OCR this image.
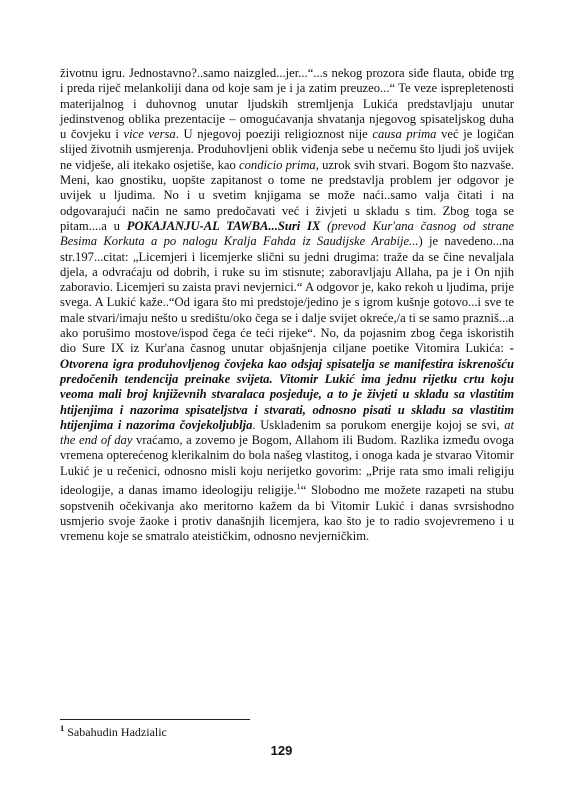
životnu igru. Jednostavno?..samo naizgled...jer...“...s nekog prozora siđe flauta, obiđe trg i preda riječ melankoliji dana od koje sam je i ja zatim preuzeo...“ Te veze isprepletenosti materijalnog i duhovnog unutar ljudskih stremljenja Lukića predstavljaju unutar jedinstvenog oblika prezentacije – omogućavanja shvatanja njegovog spisateljskog duha u čovjeku i vice versa. U njegovoj poeziji religioznost nije causa prima već je logičan slijed životnih usmjerenja. Produhovljeni oblik viđenja sebe u nečemu što ljudi još uvijek ne vidješe, ali itekako osjetiše, kao condicio prima, uzrok svih stvari. Bogom što nazvaše. Meni, kao gnostiku, uopšte zapitanost o tome ne predstavlja problem jer odgovor je uvijek u ljudima. No i u svetim knjigama se može naći..samo valja čitati i na odgovarajući način ne samo predočavati već i živjeti u skladu s tim. Zbog toga se pitam....a u POKAJANJU-AL TAWBA...Suri IX (prevod Kur'ana časnog od strane Besima Korkuta a po nalogu Kralja Fahda iz Saudijske Arabije...) je navedeno...na str.197...citat: „Licemjeri i licemjerke slični su jedni drugima: traže da se čine nevaljala djela, a odvraćaju od dobrih, i ruke su im stisnute; zaboravljaju Allaha, pa je i On njih zaboravio. Licemjeri su zaista pravi nevjernici.“ A odgovor je, kako rekoh u ljudima, prije svega. A Lukić kaže..“Od igara što mi predstoje/jedino je s igrom kušnje gotovo...i sve te male stvari/imaju nešto u središtu/oko čega se i dalje svijet okreće,/a ti se samo prazniš...a ako porušimo mostove/ispod čega će teći rijeke“. No, da pojasnim zbog čega iskoristih dio Sure IX iz Kur'ana časnog unutar objašnjenja ciljane poetike Vitomira Lukića: - Otvorena igra produhovljenog čovjeka kao odsjaj spisatelja se manifestira iskrenošću predočenih tendencija preinake svijeta. Vitomir Lukić ima jednu rijetku crtu koju veoma mali broj književnih stvaralaca posjeduje, a to je živjeti u skladu sa vlastitim htijenjima i nazorima spisateljstva i stvarati, odnosno pisati u skladu sa vlastitim htijenjima i nazorima čovjekoljublja. Usklađenim sa porukom energije kojoj se svi, at the end of day vraćamo, a zovemo je Bogom, Allahom ili Budom. Razlika između ovoga vremena opterećenog klerikalnim do bola našeg vlastitog, i onoga kada je stvarao Vitomir Lukić je u rečenici, odnosno misli koju nerijetko govorim: „Prije rata smo imali religiju ideologije, a danas imamo ideologiju religije.$^1$“ Slobodno me možete razapeti na stubu sopstvenih očekivanja ako meritorno kažem da bi Vitomir Lukić i danas svrsishodno usmjerio svoje žaoke i protiv današnjih licemjera, kao što je to radio svojevremeno i u vremenu koje se smatralo ateističkim, odnosno nevjerničkim.

$^1$ Sabahudin Hadzialic
129
